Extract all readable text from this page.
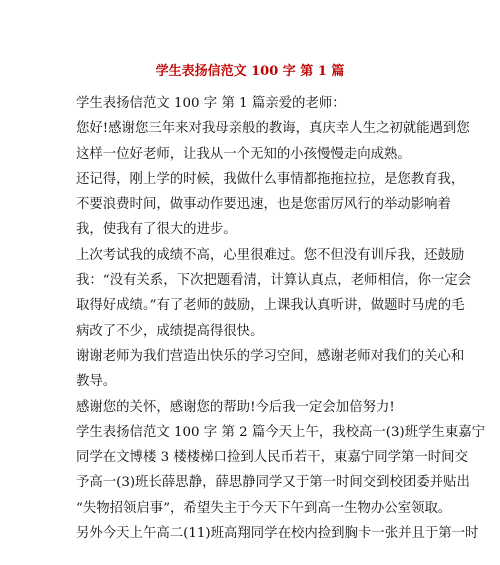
学生表扬信范文 100 字 第 1 篇
学生表扬信范文 100 字 第 1 篇亲爱的老师：
您好!感谢您三年来对我母亲般的教诲，真庆幸人生之初就能遇到您
这样一位好老师，让我从一个无知的小孩慢慢走向成熟。
还记得，刚上学的时候，我做什么事情都拖拖拉拉，是您教育我，
不要浪费时间，做事动作要迅速，也是您雷厉风行的举动影响着
我，使我有了很大的进步。
上次考试我的成绩不高，心里很难过。您不但没有训斥我，还鼓励
我：“没有关系，下次把题看清，计算认真点，老师相信，你一定会
取得好成绩。”有了老师的鼓励，上课我认真听讲，做题时马虎的毛
病改了不少，成绩提高得很快。
谢谢老师为我们营造出快乐的学习空间，感谢老师对我们的关心和
教导。
感谢您的关怀，感谢您的帮助!今后我一定会加倍努力!
学生表扬信范文 100 字 第 2 篇今天上午，我校高一(3)班学生東嘉宁
同学在文博楼 3 楼楼梯口捡到人民币若干，東嘉宁同学第一时间交
予高一(3)班长薛思静，薛思静同学又于第一时间交到校团委并贴出
“失物招领启事”，希望失主于今天下午到高一生物办公室领取。
另外今天上午高二(11)班高翔同学在校内捡到胸卡一张并且于第一时
